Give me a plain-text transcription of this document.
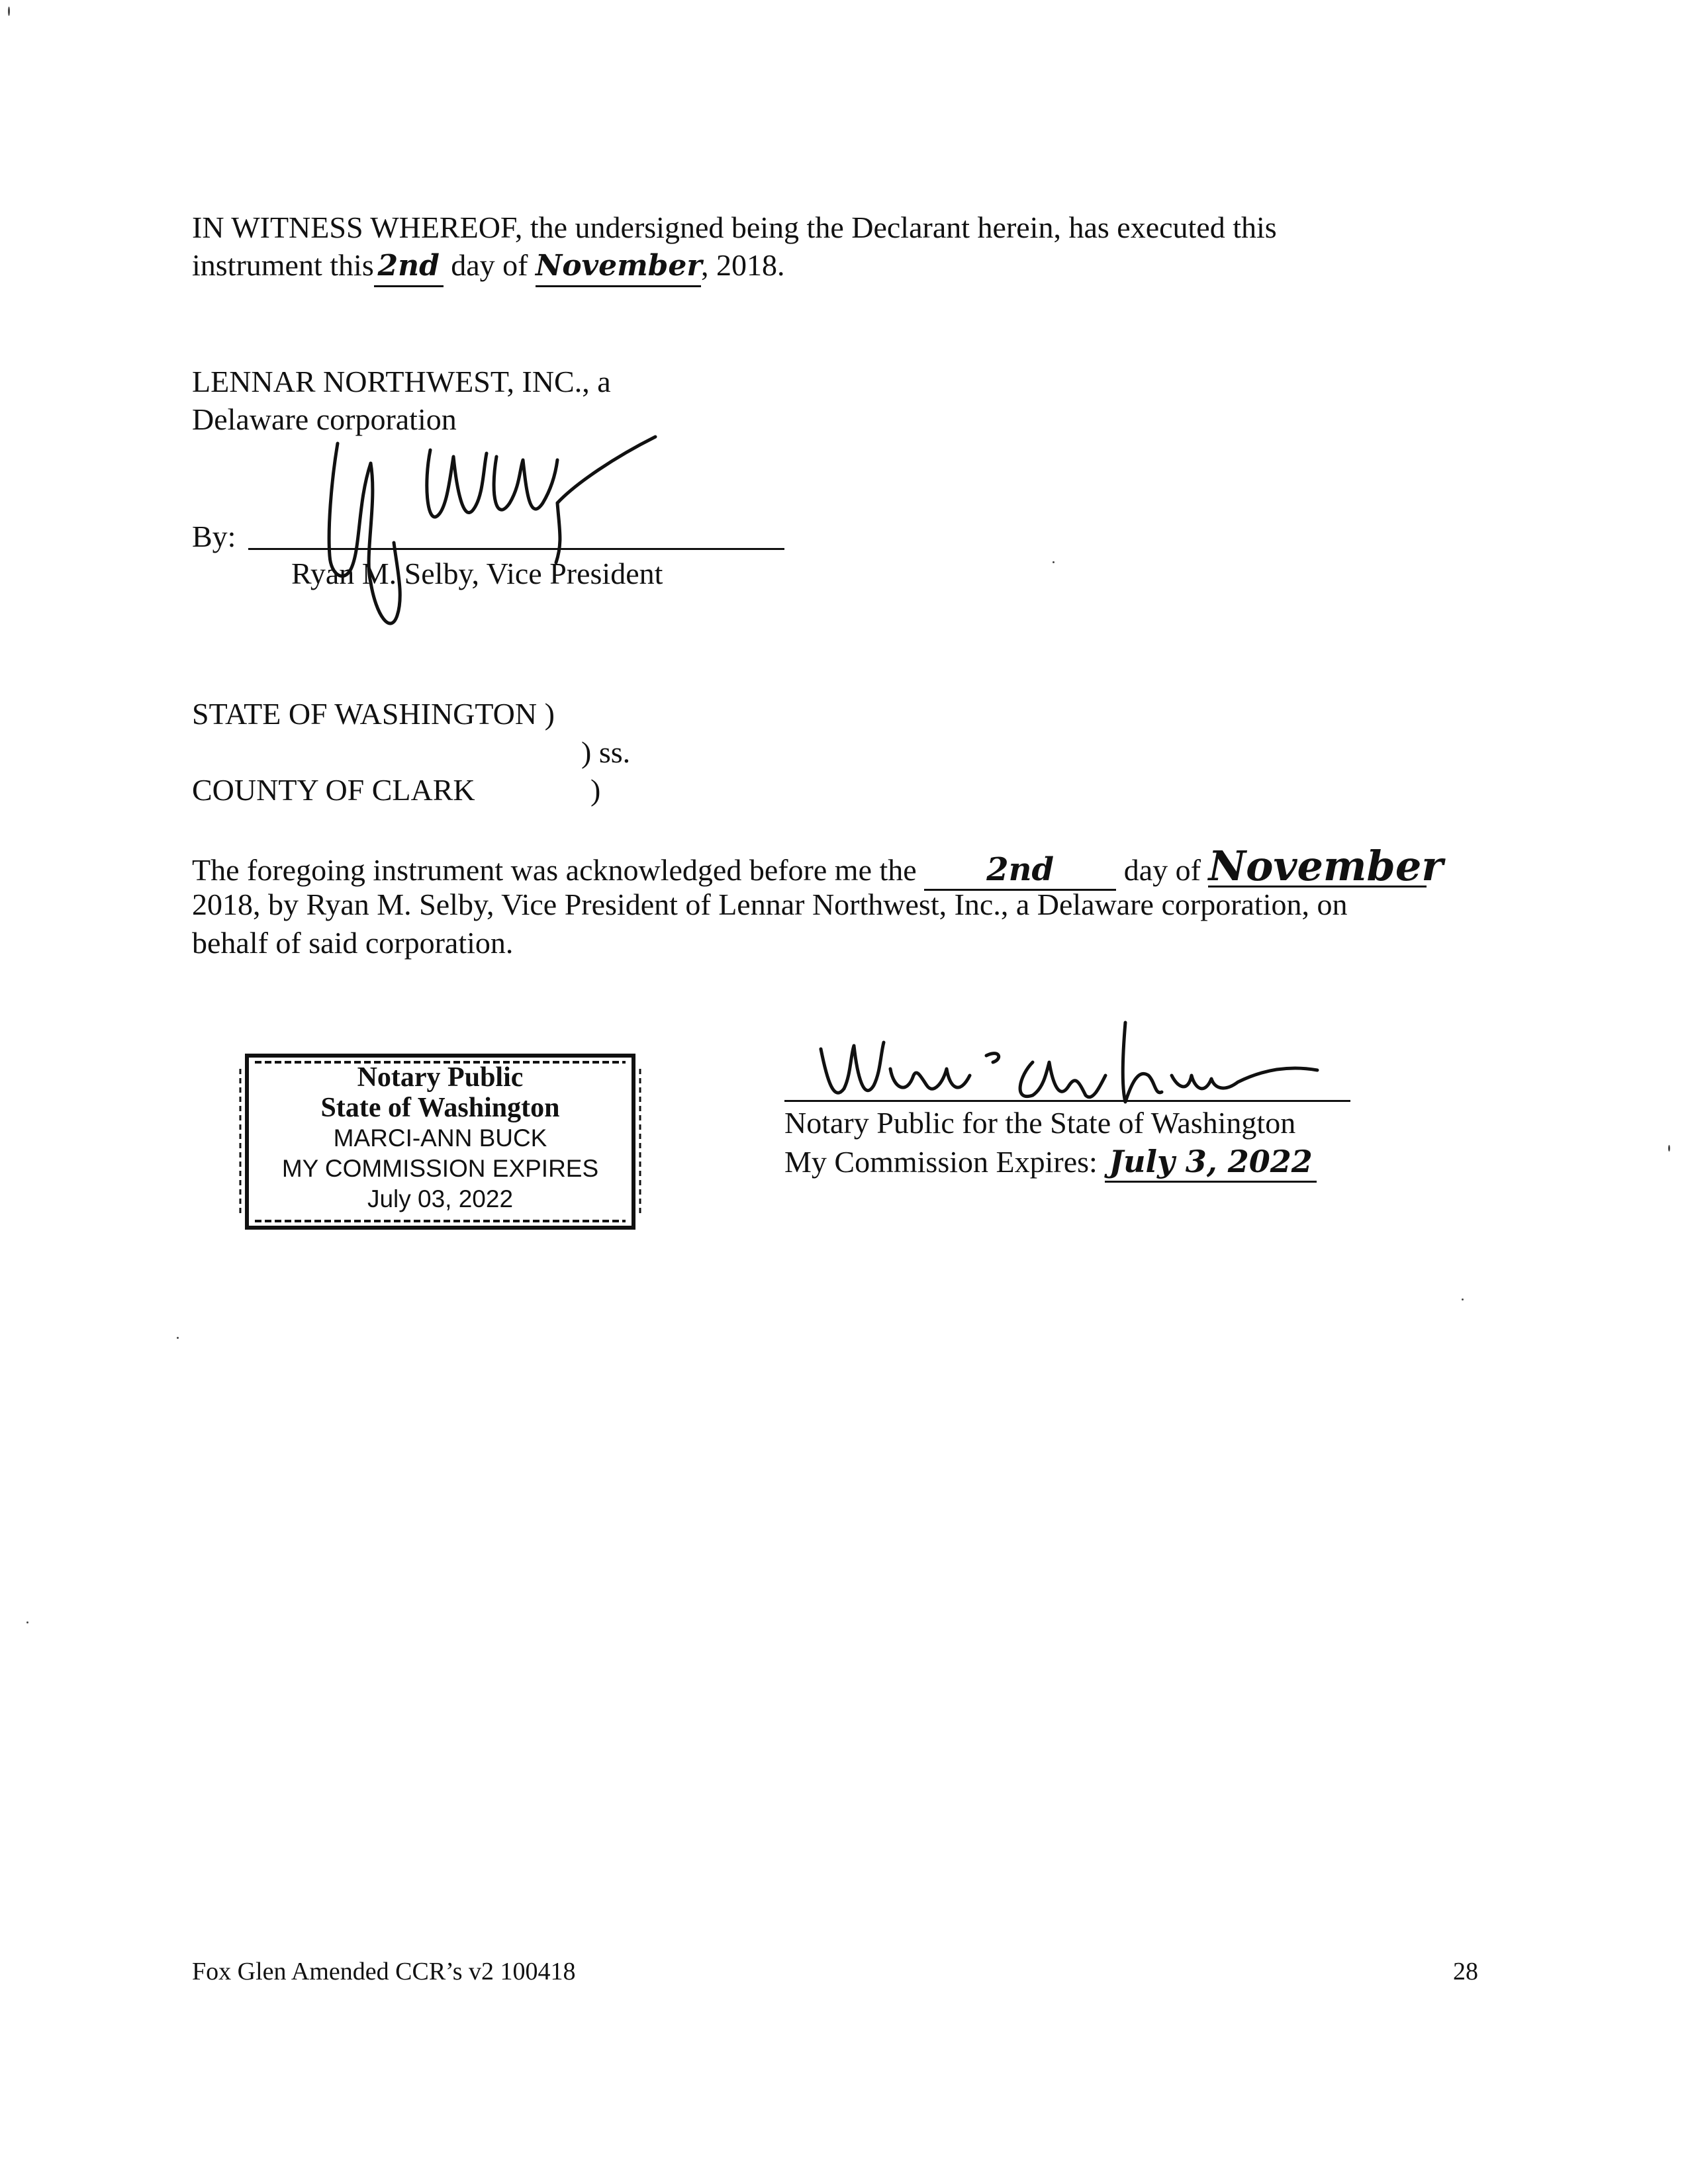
IN WITNESS WHEREOF, the undersigned being the Declarant herein, has executed this
instrument this 2nd day of November, 2018.
LENNAR NORTHWEST, INC., a
Delaware corporation
By:
Ryan M. Selby, Vice President
STATE OF WASHINGTON )
) ss.
COUNTY OF CLARK	)
The foregoing instrument was acknowledged before me the 2nd day of November
2018, by Ryan M. Selby, Vice President of Lennar Northwest, Inc., a Delaware corporation, on
behalf of said corporation.
Notary Public
State of Washington
MARCI-ANN BUCK
MY COMMISSION EXPIRES
July 03, 2022
Notary Public for the State of Washington
My Commission Expires: July 3, 2022
Fox Glen Amended CCR’s v2 100418	28
